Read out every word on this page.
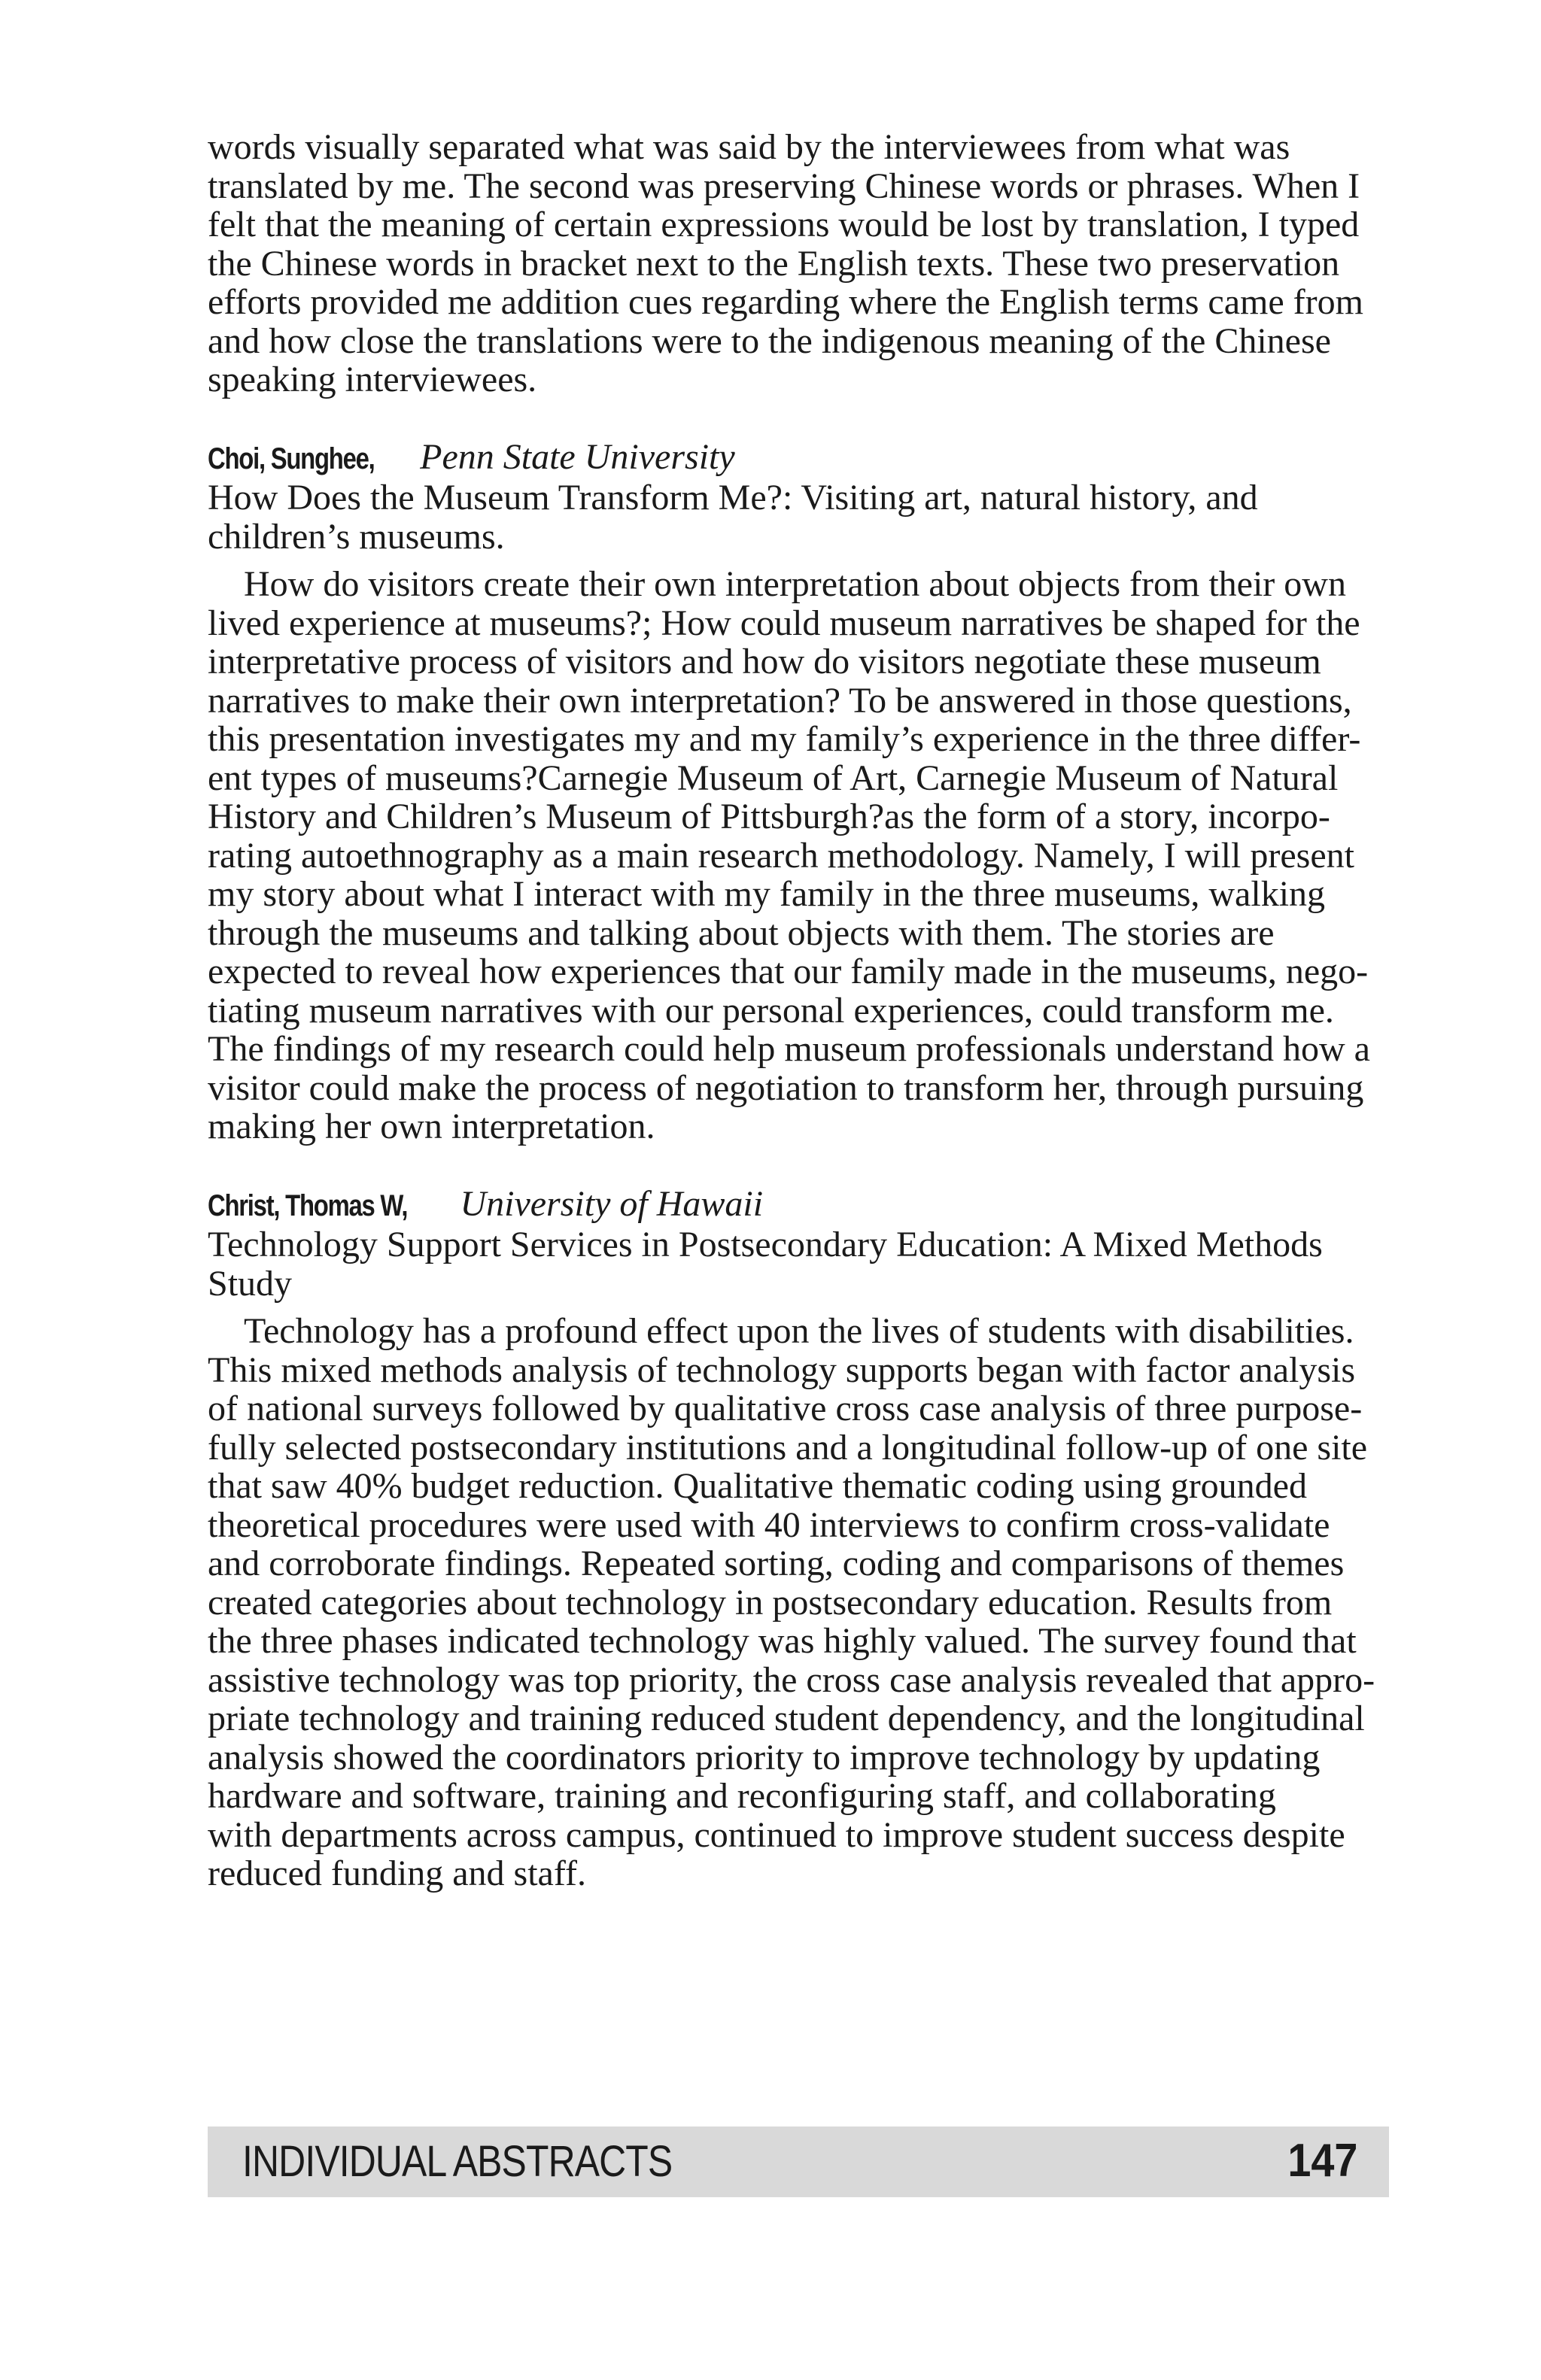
words visually separated what was said by the interviewees from what was
translated by me. The second was preserving Chinese words or phrases. When I
felt that the meaning of certain expressions would be lost by translation, I typed
the Chinese words in bracket next to the English texts. These two preservation
efforts provided me addition cues regarding where the English terms came from
and how close the translations were to the indigenous meaning of the Chinese
speaking interviewees.
Choi, Sunghee, Penn State University
How Does the Museum Transform Me?: Visiting art, natural history, and
children’s museums.
How do visitors create their own interpretation about objects from their own
lived experience at museums?; How could museum narratives be shaped for the
interpretative process of visitors and how do visitors negotiate these museum
narratives to make their own interpretation? To be answered in those questions,
this presentation investigates my and my family’s experience in the three differ-
ent types of museums?Carnegie Museum of Art, Carnegie Museum of Natural
History and Children’s Museum of Pittsburgh?as the form of a story, incorpo-
rating autoethnography as a main research methodology. Namely, I will present
my story about what I interact with my family in the three museums, walking
through the museums and talking about objects with them. The stories are
expected to reveal how experiences that our family made in the museums, nego-
tiating museum narratives with our personal experiences, could transform me.
The findings of my research could help museum professionals understand how a
visitor could make the process of negotiation to transform her, through pursuing
making her own interpretation.
Christ, Thomas W, University of Hawaii
Technology Support Services in Postsecondary Education: A Mixed Methods
Study
Technology has a profound effect upon the lives of students with disabilities.
This mixed methods analysis of technology supports began with factor analysis
of national surveys followed by qualitative cross case analysis of three purpose-
fully selected postsecondary institutions and a longitudinal follow-up of one site
that saw 40% budget reduction. Qualitative thematic coding using grounded
theoretical procedures were used with 40 interviews to confirm cross-validate
and corroborate findings. Repeated sorting, coding and comparisons of themes
created categories about technology in postsecondary education. Results from
the three phases indicated technology was highly valued. The survey found that
assistive technology was top priority, the cross case analysis revealed that appro-
priate technology and training reduced student dependency, and the longitudinal
analysis showed the coordinators priority to improve technology by updating
hardware and software, training and reconfiguring staff, and collaborating
with departments across campus, continued to improve student success despite
reduced funding and staff.
INDIVIDUAL ABSTRACTS	147
